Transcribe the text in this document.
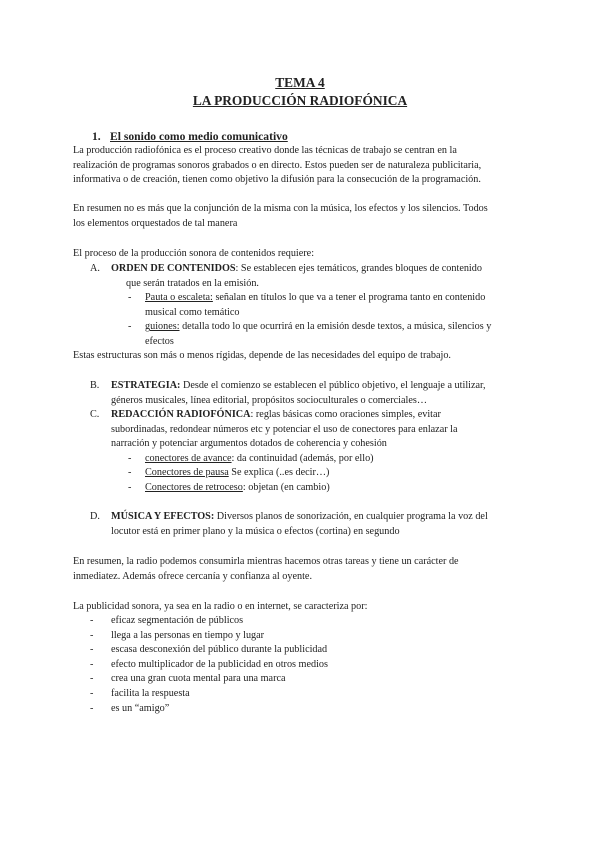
TEMA 4
LA PRODUCCIÓN RADIOFÓNICA
1. El sonido como medio comunicativo
La producción radiofónica es el proceso creativo donde las técnicas de trabajo se centran en la
realización de programas sonoros grabados o en directo. Estos pueden ser de naturaleza publicitaria,
informativa o de creación, tienen como objetivo la difusión para la consecución de la programación.
En resumen no es más que la conjunción de la misma con la música, los efectos y los silencios. Todos
los elementos orquestados de tal manera
El proceso de la producción sonora de contenidos requiere:
A. ORDEN DE CONTENIDOS: Se establecen ejes temáticos, grandes bloques de contenido
que serán tratados en la emisión.
- Pauta o escaleta: señalan en títulos lo que va a tener el programa tanto en contenido
musical como temático
- guiones: detalla todo lo que ocurrirá en la emisión desde textos, a música, silencios y
efectos
Estas estructuras son más o menos rígidas, depende de las necesidades del equipo de trabajo.
B. ESTRATEGIA: Desde el comienzo se establecen el público objetivo, el lenguaje a utilizar,
géneros musicales, línea editorial, propósitos socioculturales o comerciales…
C. REDACCIÓN RADIOFÓNICA: reglas básicas como oraciones simples, evitar
subordinadas, redondear números etc y potenciar el uso de conectores para enlazar la
narración y potenciar argumentos dotados de coherencia y cohesión
- conectores de avance: da continuidad (además, por ello)
- Conectores de pausa Se explica (..es decir…)
- Conectores de retroceso: objetan (en cambio)
D. MÚSICA Y EFECTOS: Diversos planos de sonorización, en cualquier programa la voz del
locutor está en primer plano y la música o efectos (cortina) en segundo
En resumen, la radio podemos consumirla mientras hacemos otras tareas y tiene un carácter de
inmediatez. Además ofrece cercanía y confianza al oyente.
La publicidad sonora, ya sea en la radio o en internet, se caracteriza por:
- eficaz segmentación de públicos
- llega a las personas en tiempo y lugar
- escasa desconexión del público durante la publicidad
- efecto multiplicador de la publicidad en otros medios
- crea una gran cuota mental para una marca
- facilita la respuesta
- es un “amigo”
